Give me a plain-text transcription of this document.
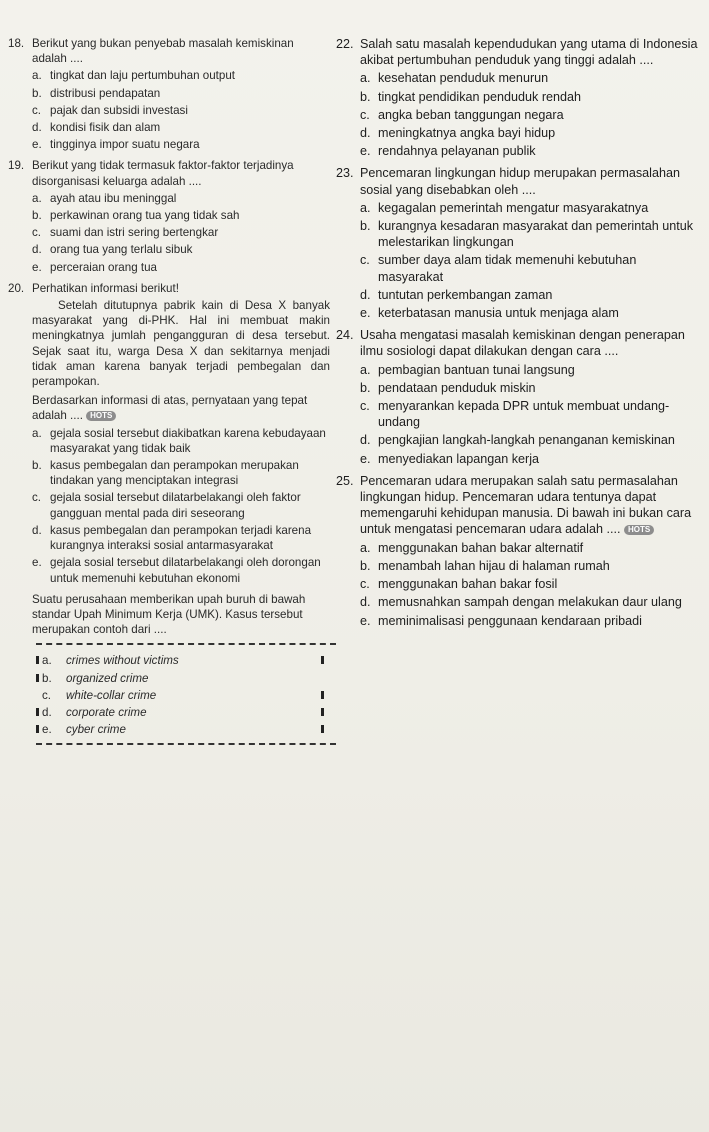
18. Berikut yang bukan penyebab masalah kemiskinan adalah ....
a. tingkat dan laju pertumbuhan output
b. distribusi pendapatan
c. pajak dan subsidi investasi
d. kondisi fisik dan alam
e. tingginya impor suatu negara
19. Berikut yang tidak termasuk faktor-faktor terjadinya disorganisasi keluarga adalah ....
a. ayah atau ibu meninggal
b. perkawinan orang tua yang tidak sah
c. suami dan istri sering bertengkar
d. orang tua yang terlalu sibuk
e. perceraian orang tua
20. Perhatikan informasi berikut!
Setelah ditutupnya pabrik kain di Desa X banyak masyarakat yang di-PHK. Hal ini membuat makin meningkatnya jumlah pengangguran di desa tersebut. Sejak saat itu, warga Desa X dan sekitarnya menjadi tidak aman karena banyak terjadi pembegalan dan perampokan.
Berdasarkan informasi di atas, pernyataan yang tepat adalah .... HOTS
a. gejala sosial tersebut diakibatkan karena kebudayaan masyarakat yang tidak baik
b. kasus pembegalan dan perampokan merupakan tindakan yang menciptakan integrasi
c. gejala sosial tersebut dilatarbelakangi oleh faktor gangguan mental pada diri seseorang
d. kasus pembegalan dan perampokan terjadi karena kurangnya interaksi sosial antarmasyarakat
e. gejala sosial tersebut dilatarbelakangi oleh dorongan untuk memenuhi kebutuhan ekonomi
Suatu perusahaan memberikan upah buruh di bawah standar Upah Minimum Kerja (UMK). Kasus tersebut merupakan contoh dari ....
a. crimes without victims
b. organized crime
c. white-collar crime
d. corporate crime
e. cyber crime
22. Salah satu masalah kependudukan yang utama di Indonesia akibat pertumbuhan penduduk yang tinggi adalah ....
a. kesehatan penduduk menurun
b. tingkat pendidikan penduduk rendah
c. angka beban tanggungan negara
d. meningkatnya angka bayi hidup
e. rendahnya pelayanan publik
23. Pencemaran lingkungan hidup merupakan permasalahan sosial yang disebabkan oleh ....
a. kegagalan pemerintah mengatur masyarakatnya
b. kurangnya kesadaran masyarakat dan pemerintah untuk melestarikan lingkungan
c. sumber daya alam tidak memenuhi kebutuhan masyarakat
d. tuntutan perkembangan zaman
e. keterbatasan manusia untuk menjaga alam
24. Usaha mengatasi masalah kemiskinan dengan penerapan ilmu sosiologi dapat dilakukan dengan cara ....
a. pembagian bantuan tunai langsung
b. pendataan penduduk miskin
c. menyarankan kepada DPR untuk membuat undang-undang
d. pengkajian langkah-langkah penanganan kemiskinan
e. menyediakan lapangan kerja
25. Pencemaran udara merupakan salah satu permasalahan lingkungan hidup. Pencemaran udara tentunya dapat memengaruhi kehidupan manusia. Di bawah ini bukan cara untuk mengatasi pencemaran udara adalah .... HOTS
a. menggunakan bahan bakar alternatif
b. menambah lahan hijau di halaman rumah
c. menggunakan bahan bakar fosil
d. memusnahkan sampah dengan melakukan daur ulang
e. meminimalisasi penggunaan kendaraan pribadi
